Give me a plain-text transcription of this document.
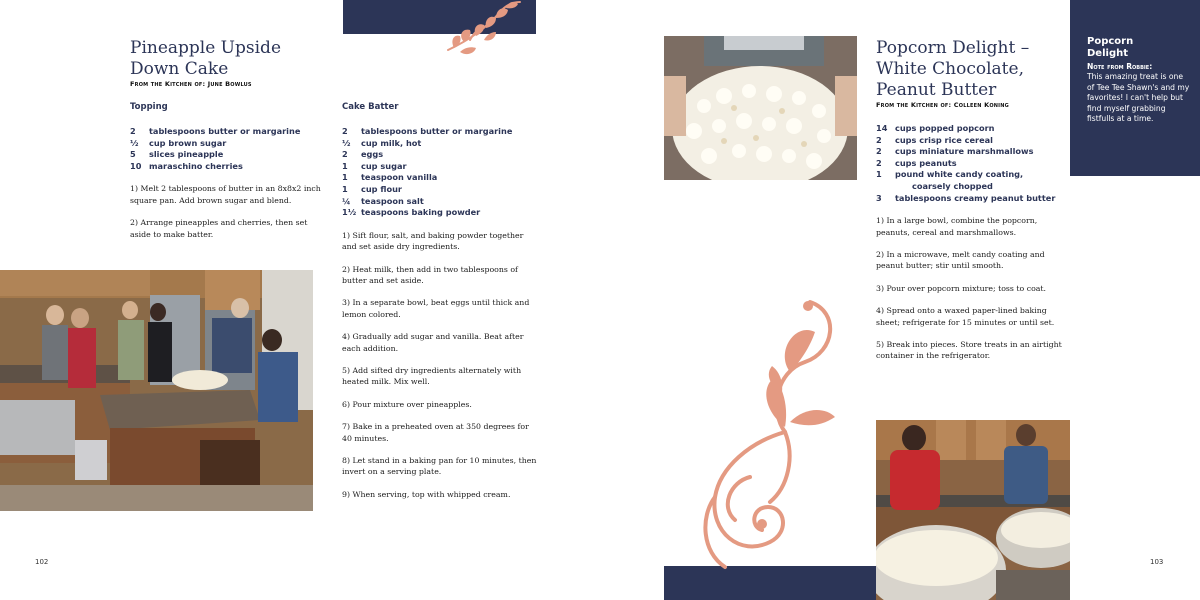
Pineapple Upside
Down Cake
From the Kitchen of: June Bowlus
Topping
2	tablespoons butter or margarine
½	cup brown sugar
5	slices pineapple
10 maraschino cherries

1) Melt 2 tablespoons of butter in an 8x8x2 inch square pan. Add brown sugar and blend.

2) Arrange pineapples and cherries, then set aside to make batter.

Cake Batter
2	tablespoons butter or margarine
½	cup milk, hot
2	eggs
1	cup sugar
1	teaspoon vanilla
1	cup flour
¼	teaspoon salt
1½ teaspoons baking powder

1) Sift flour, salt, and baking powder together and set aside dry ingredients.

2) Heat milk, then add in two tablespoons of butter and set aside.

3) In a separate bowl, beat eggs until thick and lemon colored.

4) Gradually add sugar and vanilla. Beat after each addition.

5) Add sifted dry ingredients alternately with heated milk. Mix well.

6) Pour mixture over pineapples.

7) Bake in a preheated oven at 350 degrees for 40 minutes.

8) Let stand in a baking pan for 10 minutes, then invert on a serving plate.

9) When serving, top with whipped cream.

102
Popcorn Delight –
White Chocolate,
Peanut Butter
From the Kitchen of: Colleen Koning
14 cups popped popcorn
2	cups crisp rice cereal
2	cups miniature marshmallows
2	cups peanuts
1	pound white candy coating,
coarsely chopped
3	tablespoons creamy peanut butter

1) In a large bowl, combine the popcorn, peanuts, cereal and marshmallows.

2) In a microwave, melt candy coating and peanut butter; stir until smooth.

3) Pour over popcorn mixture; toss to coat.

4) Spread onto a waxed paper-lined baking sheet; refrigerate for 15 minutes or until set.

5) Break into pieces. Store treats in an airtight container in the refrigerator.

Popcorn
Delight
Note from Robbie:
This amazing treat is one of Tee Tee Shawn's and my favorites! I can't help but find myself grabbing fistfulls at a time.
103
